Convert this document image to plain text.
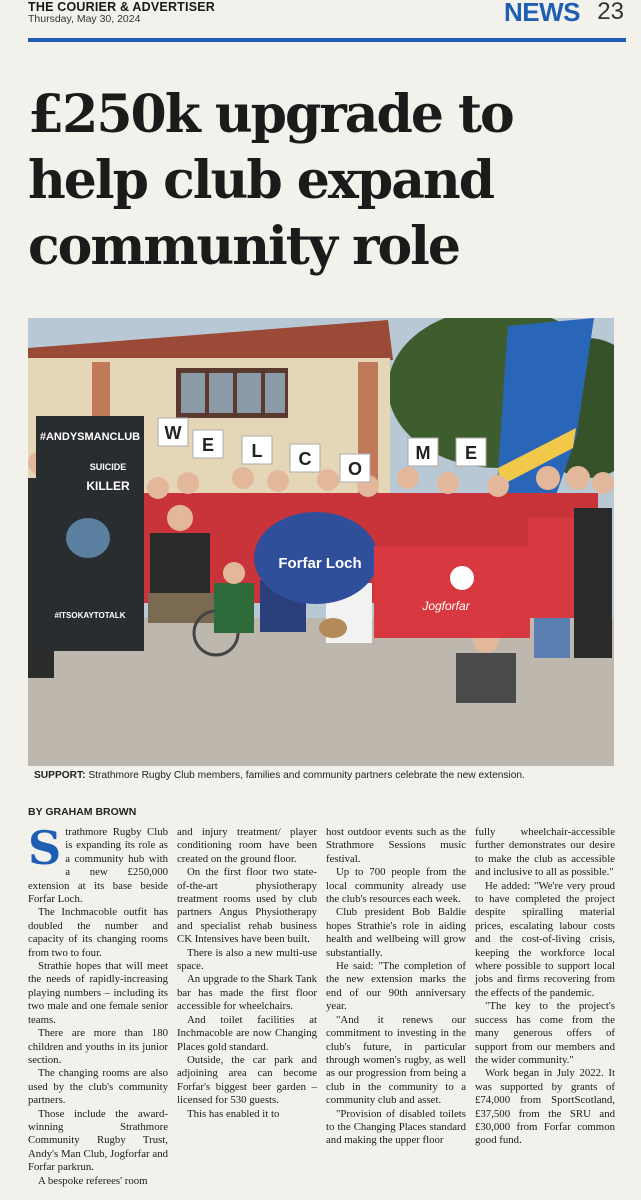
THE COURIER & ADVERTISER
Thursday, May 30, 2024	NEWS 23
£250k upgrade to help club expand community role
W
E L C O
M E
#ANDYSMANCLUB
SUICIDE
KILLER
#ITSOKAYTOTALK
Forfar Loch
Jogforfar
SUPPORT: Strathmore Rugby Club members, families and community partners celebrate the new extension.
BY GRAHAM BROWN

Strathmore Rugby Club is expanding its role as a community hub with a new £250,000 extension at its base beside Forfar Loch.

The Inchmacoble outfit has doubled the number and capacity of its changing rooms from two to four.

Strathie hopes that will meet the needs of rapidly-increasing playing numbers – including its two male and one female senior teams.

There are more than 180 children and youths in its junior section.

The changing rooms are also used by the club's community partners.

Those include the award-winning Strathmore Community Rugby Trust, Andy's Man Club, Jogforfar and Forfar parkrun.

A bespoke referees' room

and injury treatment/ player conditioning room have been created on the ground floor.

On the first floor two state-of-the-art physiotherapy treatment rooms used by club partners Angus Physiotherapy and specialist rehab business CK Intensives have been built.

There is also a new multi-use space.

An upgrade to the Shark Tank bar has made the first floor accessible for wheelchairs.

And toilet facilities at Inchmacoble are now Changing Places gold standard.

Outside, the car park and adjoining area can become Forfar's biggest beer garden – licensed for 530 guests.

This has enabled it to

host outdoor events such as the Strathmore Sessions music festival.

Up to 700 people from the local community already use the club's resources each week.

Club president Bob Baldie hopes Strathie's role in aiding health and wellbeing will grow substantially.

He said: "The completion of the new extension marks the end of our 90th anniversary year.

"And it renews our commitment to investing in the club's future, in particular through women's rugby, as well as our progression from being a club in the community to a community club and asset.

"Provision of disabled toilets to the Changing Places standard and making the upper floor

fully wheelchair-accessible further demonstrates our desire to make the club as accessible and inclusive to all as possible."

He added: "We're very proud to have completed the project despite spiralling material prices, escalating labour costs and the cost-of-living crisis, keeping the workforce local where possible to support local jobs and firms recovering from the effects of the pandemic.

"The key to the project's success has come from the many generous offers of support from our members and the wider community."

Work began in July 2022. It was supported by grants of £74,000 from SportScotland, £37,500 from the SRU and £30,000 from Forfar common good fund.
